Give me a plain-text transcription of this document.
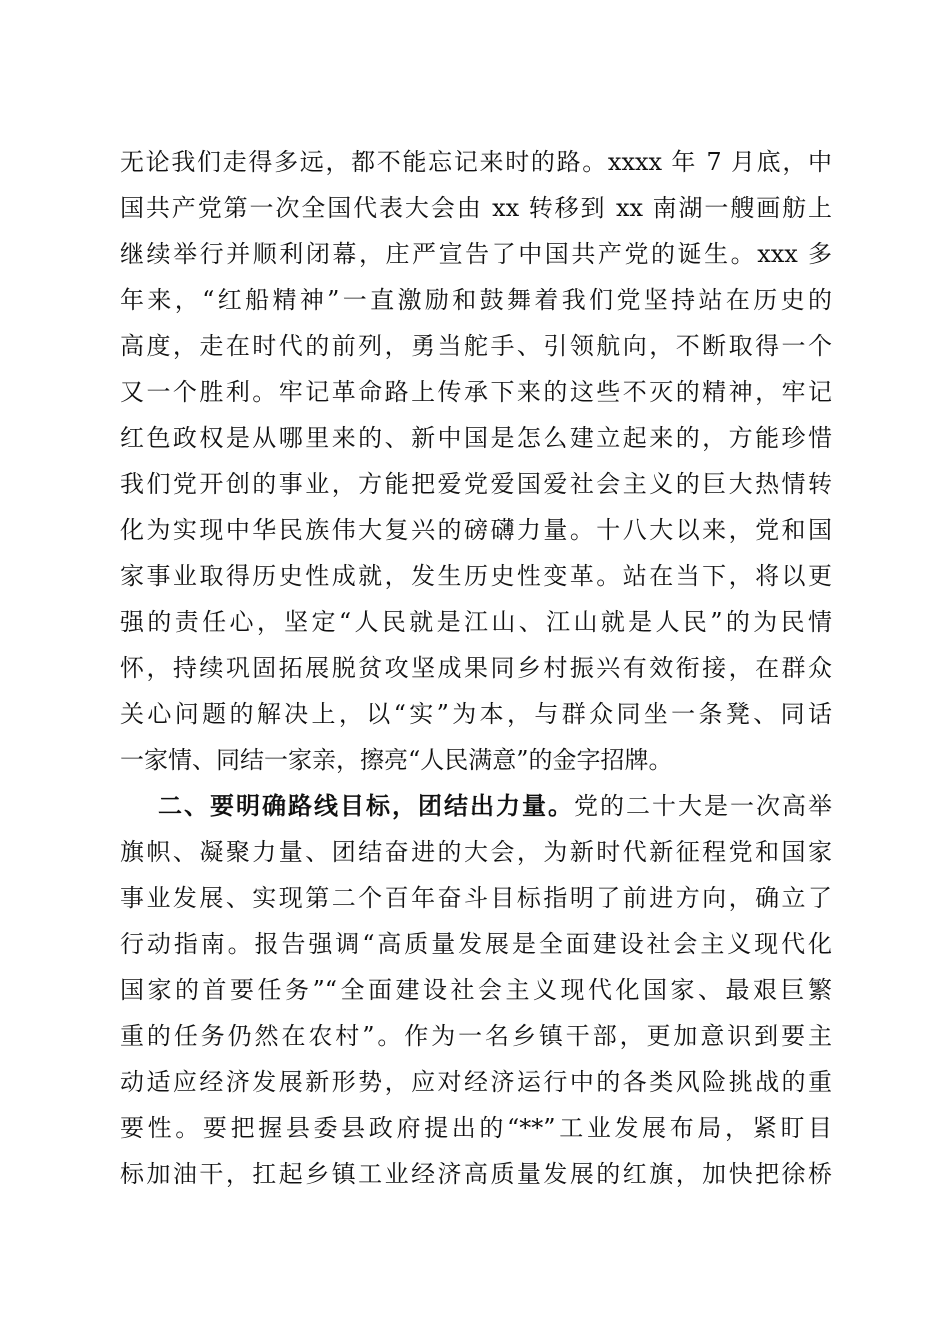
无论我们走得多远，都不能忘记来时的路。xxxx 年 7 月底，中
国共产党第一次全国代表大会由 xx 转移到 xx 南湖一艘画舫上
继续举行并顺利闭幕，庄严宣告了中国共产党的诞生。xxx 多
年来，“红船精神”一直激励和鼓舞着我们党坚持站在历史的
高度，走在时代的前列，勇当舵手、引领航向，不断取得一个
又一个胜利。牢记革命路上传承下来的这些不灭的精神，牢记
红色政权是从哪里来的、新中国是怎么建立起来的，方能珍惜
我们党开创的事业，方能把爱党爱国爱社会主义的巨大热情转
化为实现中华民族伟大复兴的磅礴力量。十八大以来，党和国
家事业取得历史性成就，发生历史性变革。站在当下，将以更
强的责任心，坚定“人民就是江山、江山就是人民”的为民情
怀，持续巩固拓展脱贫攻坚成果同乡村振兴有效衔接，在群众
关心问题的解决上，以“实”为本，与群众同坐一条凳、同话
一家情、同结一家亲，擦亮“人民满意”的金字招牌。
二、要明确路线目标，团结出力量。党的二十大是一次高举
旗帜、凝聚力量、团结奋进的大会，为新时代新征程党和国家
事业发展、实现第二个百年奋斗目标指明了前进方向，确立了
行动指南。报告强调“高质量发展是全面建设社会主义现代化
国家的首要任务”“全面建设社会主义现代化国家、最艰巨繁
重的任务仍然在农村”。作为一名乡镇干部，更加意识到要主
动适应经济发展新形势，应对经济运行中的各类风险挑战的重
要性。要把握县委县政府提出的“**”工业发展布局，紧盯目
标加油干，扛起乡镇工业经济高质量发展的红旗，加快把徐桥
